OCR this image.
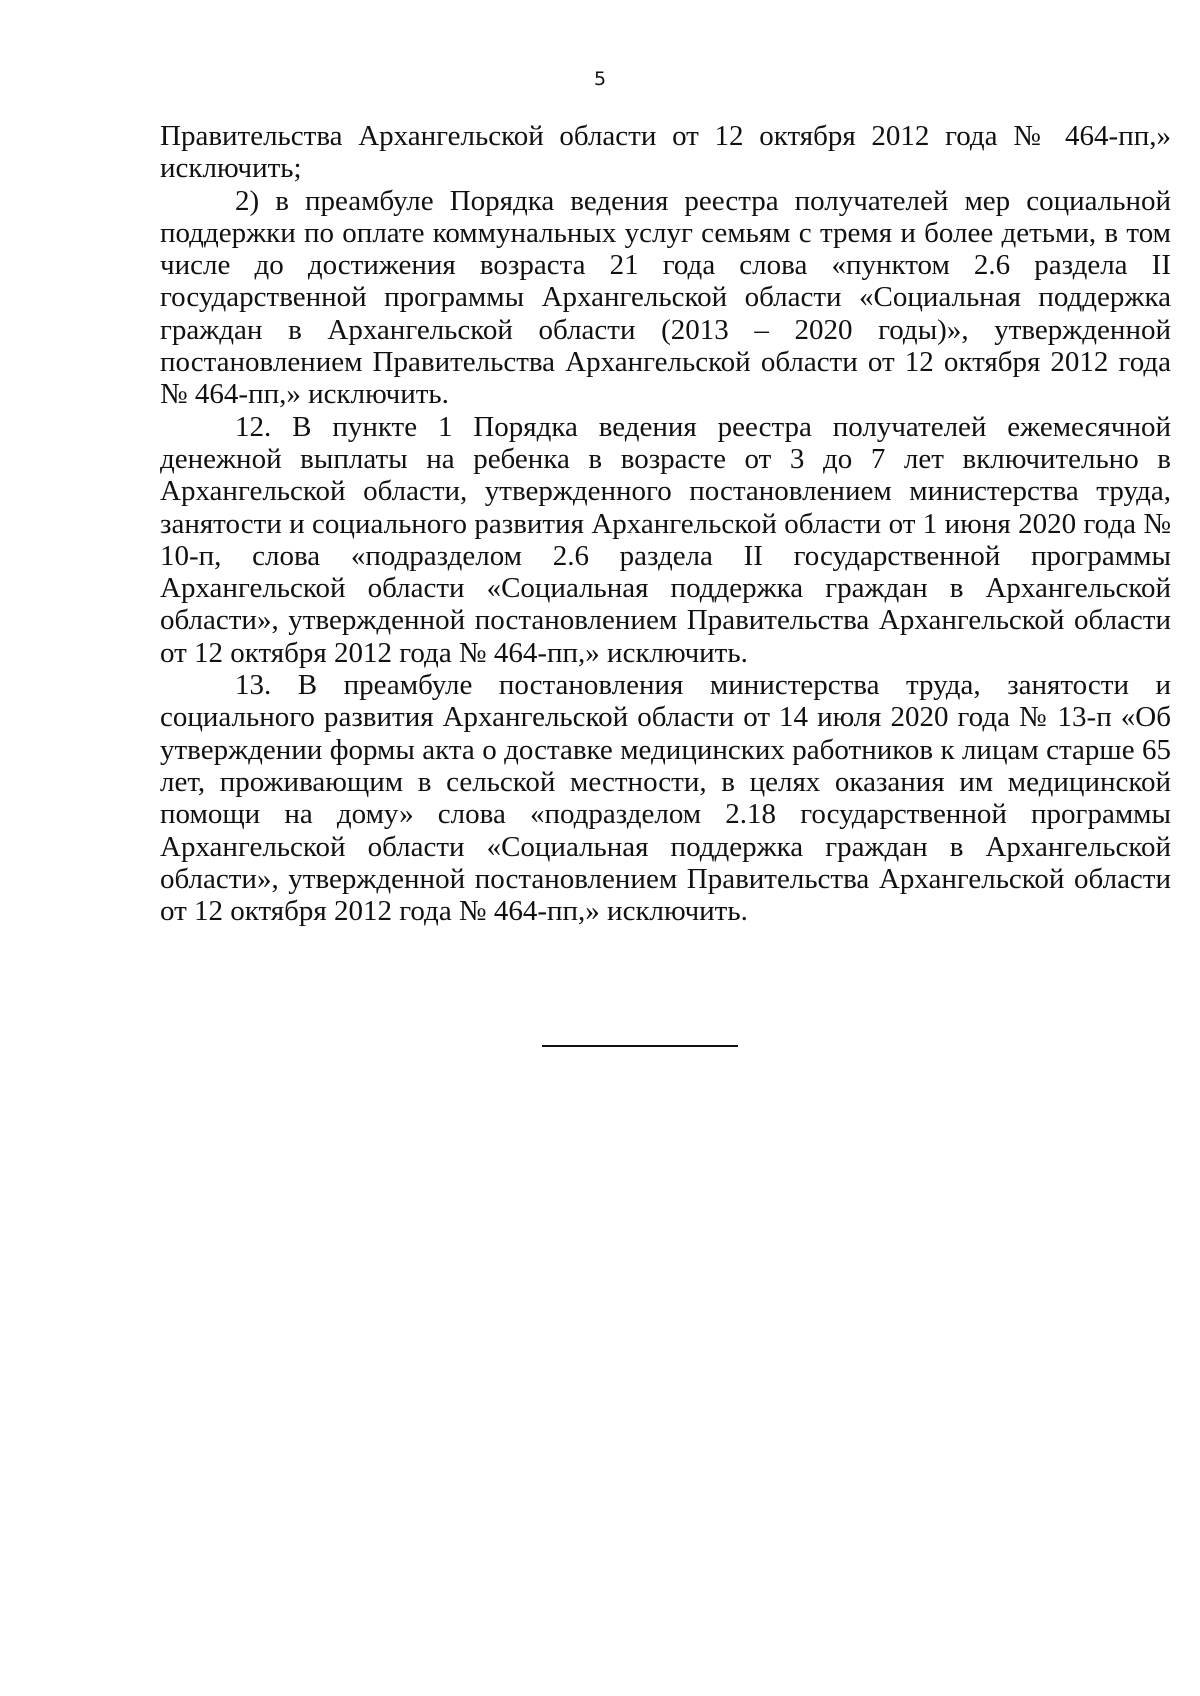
5

Правительства Архангельской области от 12 октября 2012 года № 464-пп,» исключить;

2) в преамбуле Порядка ведения реестра получателей мер социальной поддержки по оплате коммунальных услуг семьям с тремя и более детьми, в том числе до достижения возраста 21 года слова «пунктом 2.6 раздела II государственной программы Архангельской области «Социальная поддержка граждан в Архангельской области (2013 – 2020 годы)», утвержденной постановлением Правительства Архангельской области от 12 октября 2012 года № 464-пп,» исключить.

12. В пункте 1 Порядка ведения реестра получателей ежемесячной денежной выплаты на ребенка в возрасте от 3 до 7 лет включительно в Архангельской области, утвержденного постановлением министерства труда, занятости и социального развития Архангельской области от 1 июня 2020 года № 10-п, слова «подразделом 2.6 раздела II государственной программы Архангельской области «Социальная поддержка граждан в Архангельской области», утвержденной постановлением Правительства Архангельской области от 12 октября 2012 года № 464-пп,» исключить.

13. В преамбуле постановления министерства труда, занятости и социального развития Архангельской области от 14 июля 2020 года № 13-п «Об утверждении формы акта о доставке медицинских работников к лицам старше 65 лет, проживающим в сельской местности, в целях оказания им медицинской помощи на дому» слова «подразделом 2.18 государственной программы Архангельской области «Социальная поддержка граждан в Архангельской области», утвержденной постановлением Правительства Архангельской области от 12 октября 2012 года № 464-пп,» исключить.
